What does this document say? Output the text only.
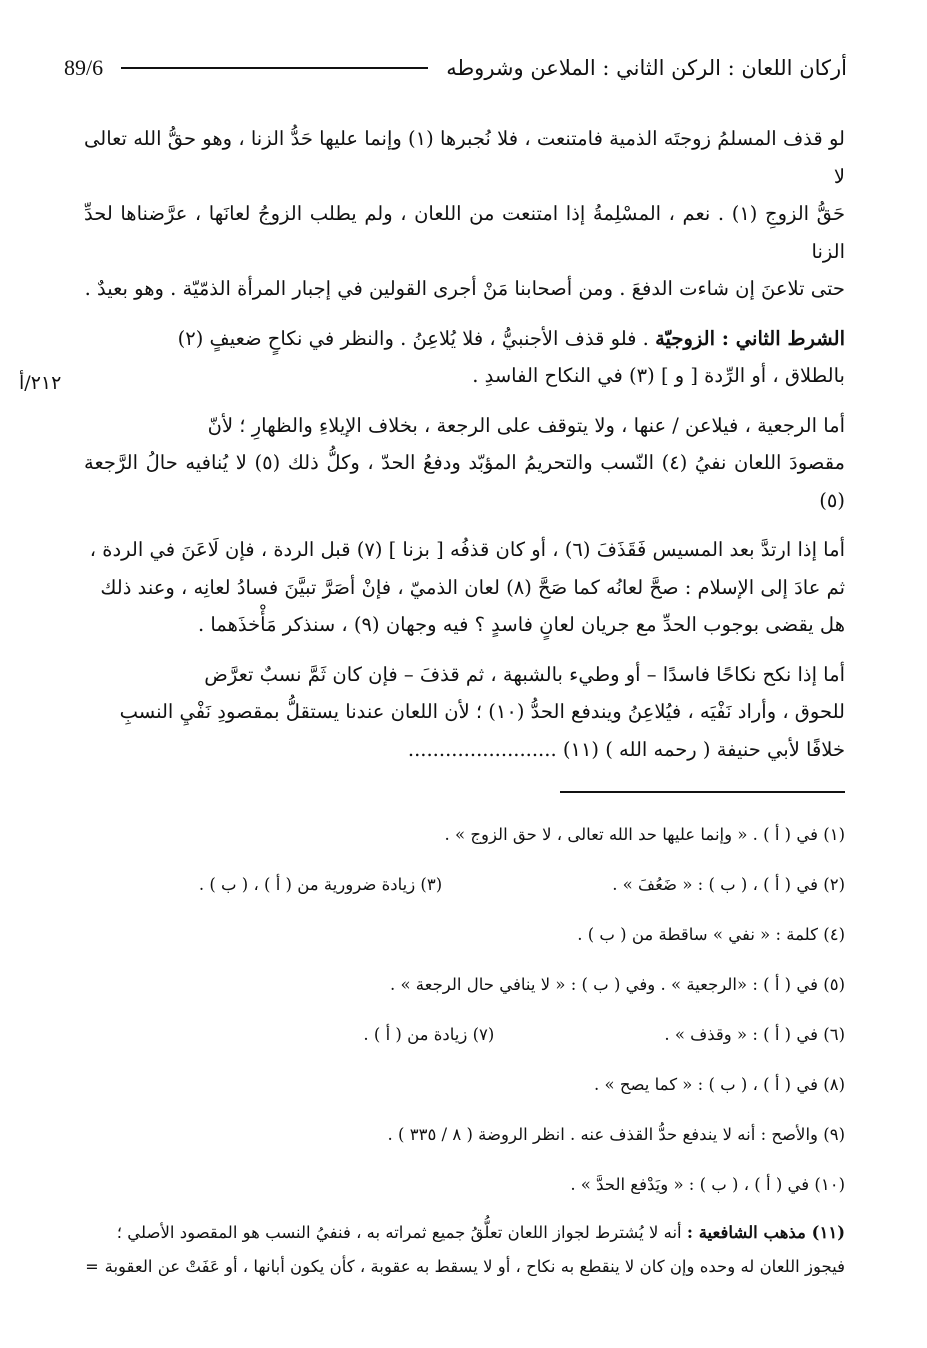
أركان اللعان : الركن الثاني : الملاعن وشروطه
89/6
٢١٢/أ

لو قذف المسلمُ زوجتَه الذمية فامتنعت ، فلا نُجبرها (١) وإنما عليها حَدُّ الزنا ، وهو حقُّ الله تعالى لا
حَقُّ الزوجِ (١) . نعم ، المسْلِمةُ إذا امتنعت من اللعان ، ولم يطلب الزوجُ لعانَها ، عرَّضناها لحدِّ الزنا
حتى تلاعنَ إن شاءت الدفعَ . ومن أصحابنا مَنْ أجرى القولين في إجبار المرأة الذمّيّة . وهو بعيدٌ .

الشرط الثاني : الزوجيّة . فلو قذف الأجنبيُّ ، فلا يُلاعِنُ . والنظر في نكاحٍ ضعيفٍ (٢)
بالطلاق ، أو الرِّدة [ و ] (٣) في النكاح الفاسدِ .

أما الرجعية ، فيلاعن / عنها ، ولا يتوقف على الرجعة ، بخلاف الإيلاءِ والظهارِ ؛ لأنّ
مقصودَ اللعان نفيُ (٤) النّسب والتحريمُ المؤبّد ودفعُ الحدّ ، وكلُّ ذلك (٥) لا يُنافيه حالُ الرَّجعة (٥)

أما إذا ارتدَّ بعد المسيس فَقَذَفَ (٦) ، أو كان قذفُه [ بزنا ] (٧) قبل الردة ، فإن لَاعَنَ في الردة ،
ثم عادَ إلى الإسلام : صحَّ لعانُه كما صَحَّ (٨) لعان الذميّ ، فإنْ أصَرَّ تبيَّنَ فسادُ لعانِه ، وعند ذلك
هل يقضى بوجوب الحدِّ مع جريان لعانٍ فاسدٍ ؟ فيه وجهان (٩) ، سنذكر مَأْخذَهما .

أما إذا نكح نكاحًا فاسدًا – أو وطيء بالشبهة ، ثم قذفَ – فإن كان ثَمَّ نسبٌ تعرَّض
للحوق ، وأراد نَفْيَه ، فيُلاعِنُ ويندفع الحدُّ (١٠) ؛ لأن اللعان عندنا يستقلُّ بمقصودِ نَفْيِ النسبِ
خلافًا لأبي حنيفة ( رحمه الله ) (١١) ........................

(١) في ( أ ) . « وإنما عليها حد الله تعالى ، لا حق الزوج » .
(٢) في ( أ ) ، ( ب ) : « ضَعُفَ » .
(٣) زيادة ضرورية من ( أ ) ، ( ب ) .
(٤) كلمة : « نفي » ساقطة من ( ب ) .
(٥) في ( أ ) : «الرجعية » . وفي ( ب ) : « لا ينافي حال الرجعة » .
(٦) في ( أ ) : « وقذف » .
(٧) زيادة من ( أ ) .
(٨) في ( أ ) ، ( ب ) : « كما يصح » .
(٩) والأصح : أنه لا يندفع حدُّ القذف عنه . انظر الروضة ( ٨ / ٣٣٥ ) .
(١٠) في ( أ ) ، ( ب ) : « ويَدْفع الحدَّ » .
(١١) مذهب الشافعية : أنه لا يُشترط لجواز اللعان تعلُّقُ جميع ثمراته به ، فنفيُ النسب هو المقصود الأصلي ؛
فيجوز اللعان له وحده وإن كان لا ينقطع به نكاح ، أو لا يسقط به عقوبة ، كأن يكون أبانها ، أو عَفَتْ عن العقوبة=
